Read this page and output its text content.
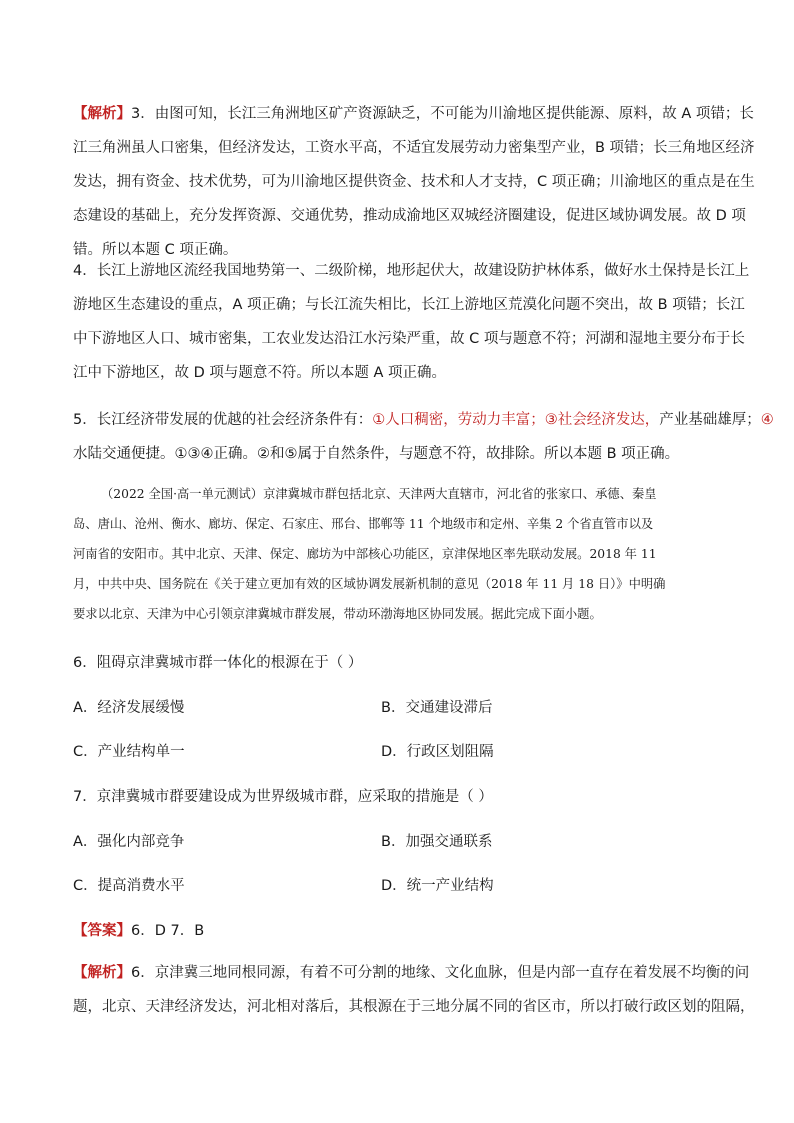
【解析】3．由图可知，长江三角洲地区矿产资源缺乏，不可能为川渝地区提供能源、原料，故 A 项错；长
江三角洲虽人口密集，但经济发达，工资水平高，不适宜发展劳动力密集型产业，B 项错；长三角地区经济
发达，拥有资金、技术优势，可为川渝地区提供资金、技术和人才支持，C 项正确；川渝地区的重点是在生
态建设的基础上，充分发挥资源、交通优势，推动成渝地区双城经济圈建设，促进区域协调发展。故 D 项
错。所以本题 C 项正确。
4．长江上游地区流经我国地势第一、二级阶梯，地形起伏大，故建设防护林体系，做好水土保持是长江上
游地区生态建设的重点，A 项正确；与长江流失相比，长江上游地区荒漠化问题不突出，故 B 项错；长江
中下游地区人口、城市密集，工农业发达沿江水污染严重，故 C 项与题意不符；河湖和湿地主要分布于长
江中下游地区，故 D 项与题意不符。所以本题 A 项正确。
5．长江经济带发展的优越的社会经济条件有：①人口稠密，劳动力丰富；③社会经济发达，产业基础雄厚；④
水陆交通便捷。①③④正确。②和⑤属于自然条件，与题意不符，故排除。所以本题 B 项正确。
（2022 全国·高一单元测试）京津冀城市群包括北京、天津两大直辖市，河北省的张家口、承德、秦皇
岛、唐山、沧州、衡水、廊坊、保定、石家庄、邢台、邯郸等 11 个地级市和定州、辛集 2 个省直管市以及
河南省的安阳市。其中北京、天津、保定、廊坊为中部核心功能区，京津保地区率先联动发展。2018 年 11
月，中共中央、国务院在《关于建立更加有效的区域协调发展新机制的意见（2018 年 11 月 18 日）》中明确
要求以北京、天津为中心引领京津冀城市群发展，带动环渤海地区协同发展。据此完成下面小题。
6．阻碍京津冀城市群一体化的根源在于（ ）
A．经济发展缓慢	B．交通建设滞后
C．产业结构单一	D．行政区划阻隔
7．京津冀城市群要建设成为世界级城市群，应采取的措施是（ ）
A．强化内部竞争	B．加强交通联系
C．提高消费水平	D．统一产业结构
【答案】6．D 7．B
【解析】6．京津冀三地同根同源，有着不可分割的地缘、文化血脉，但是内部一直存在着发展不均衡的问
题，北京、天津经济发达，河北相对落后，其根源在于三地分属不同的省区市，所以打破行政区划的阻隔，
